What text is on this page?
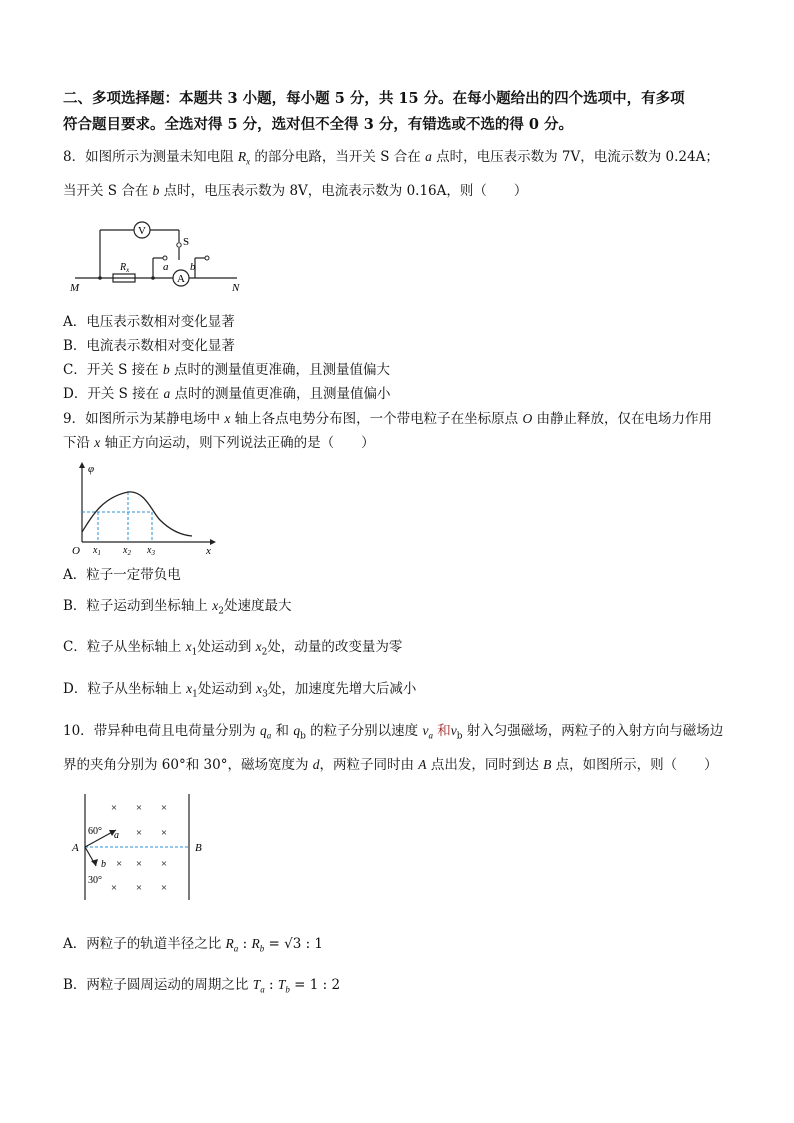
二、多项选择题：本题共 3 小题，每小题 5 分，共 15 分。在每小题给出的四个选项中，有多项
符合题目要求。全选对得 5 分，选对但不全得 3 分，有错选或不选的得 0 分。
8．如图所示为测量未知电阻 $R_x$ 的部分电路，当开关 S 合在 a 点时，电压表示数为 7V，电流示数为 0.24A；
当开关 S 合在 b 点时，电压表示数为 8V，电流表示数为 0.16A，则（　　）
V
S
a b
A
$R_x$
M	N
A．电压表示数相对变化显著
B．电流表示数相对变化显著
C．开关 S 接在 b 点时的测量值更准确，且测量值偏大
D．开关 S 接在 a 点时的测量值更准确，且测量值偏小
9．如图所示为某静电场中 x 轴上各点电势分布图，一个带电粒子在坐标原点 O 由静止释放，仅在电场力作用
下沿 x 轴正方向运动，则下列说法正确的是（　　）
φ
O	x
$x_1$ $x_2$ $x_3$
A．粒子一定带负电
B．粒子运动到坐标轴上 $x_2$处速度最大
C．粒子从坐标轴上 $x_1$处运动到 $x_2$处，动量的改变量为零
D．粒子从坐标轴上 $x_1$处运动到 $x_3$处，加速度先增大后减小
10．带异种电荷且电荷量分别为 $q_a$ 和 $q_b$ 的粒子分别以速度 $v_a$ 和$v_b$ 射入匀强磁场，两粒子的入射方向与磁场边
界的夹角分别为 60°和 30°，磁场宽度为 d，两粒子同时由 A 点出发，同时到达 B 点，如图所示，则（　　）
× × ×
× ×
× ×
× × ×
×
60°
30°
a
b
A	B
A．两粒子的轨道半径之比 $R_a$ : $R_b = √3$ : 1
B．两粒子圆周运动的周期之比 $T_a$ : $T_b = 1$ : 2
